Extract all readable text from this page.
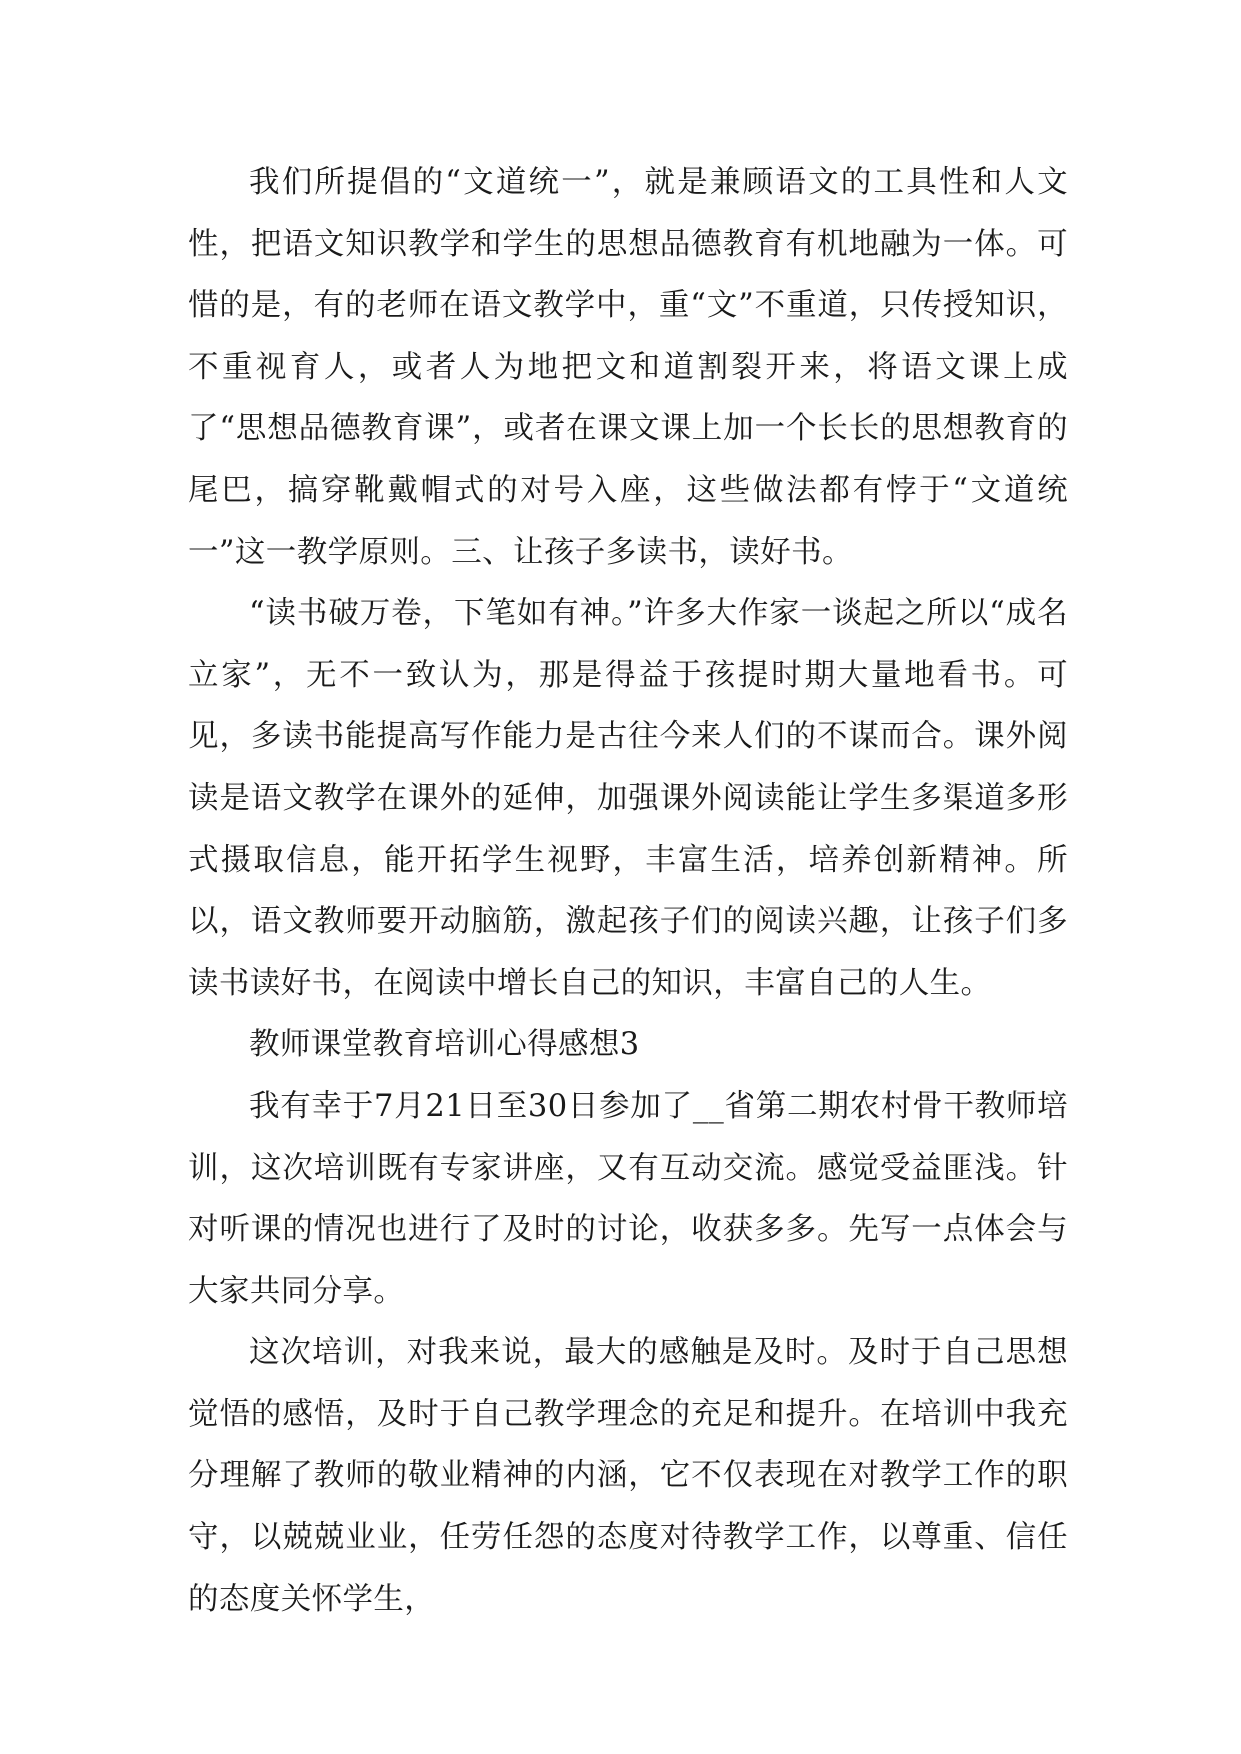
我们所提倡的“文道统一”，就是兼顾语文的工具性和人文性，把语文知识教学和学生的思想品德教育有机地融为一体。可惜的是，有的老师在语文教学中，重“文”不重道，只传授知识，不重视育人，或者人为地把文和道割裂开来，将语文课上成了“思想品德教育课”，或者在课文课上加一个长长的思想教育的尾巴，搞穿靴戴帽式的对号入座，这些做法都有悖于“文道统一”这一教学原则。三、让孩子多读书，读好书。

“读书破万卷，下笔如有神。”许多大作家一谈起之所以“成名立家”，无不一致认为，那是得益于孩提时期大量地看书。可见，多读书能提高写作能力是古往今来人们的不谋而合。课外阅读是语文教学在课外的延伸，加强课外阅读能让学生多渠道多形式摄取信息，能开拓学生视野，丰富生活，培养创新精神。所以，语文教师要开动脑筋，激起孩子们的阅读兴趣，让孩子们多读书读好书，在阅读中增长自己的知识，丰富自己的人生。

教师课堂教育培训心得感想3

我有幸于7月21日至30日参加了__省第二期农村骨干教师培训，这次培训既有专家讲座，又有互动交流。感觉受益匪浅。针对听课的情况也进行了及时的讨论，收获多多。先写一点体会与大家共同分享。

这次培训，对我来说，最大的感触是及时。及时于自己思想觉悟的感悟，及时于自己教学理念的充足和提升。在培训中我充分理解了教师的敬业精神的内涵，它不仅表现在对教学工作的职守，以兢兢业业，任劳任怨的态度对待教学工作，以尊重、信任的态度关怀学生，
